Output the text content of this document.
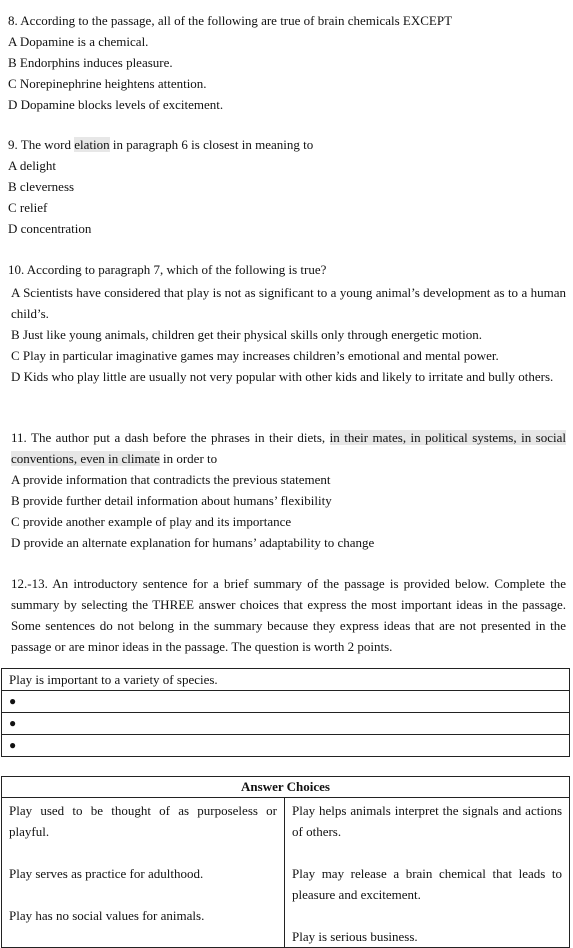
8. According to the passage, all of the following are true of brain chemicals EXCEPT
A Dopamine is a chemical.
B Endorphins induces pleasure.
C Norepinephrine heightens attention.
D Dopamine blocks levels of excitement.
9. The word elation in paragraph 6 is closest in meaning to
A delight
B cleverness
C relief
D concentration
10. According to paragraph 7, which of the following is true?
A Scientists have considered that play is not as significant to a young animal’s development as to a human child’s.
B Just like young animals, children get their physical skills only through energetic motion.
C Play in particular imaginative games may increases children’s emotional and mental power.
D Kids who play little are usually not very popular with other kids and likely to irritate and bully others.
11. The author put a dash before the phrases in their diets, in their mates, in political systems, in social conventions, even in climate in order to
A provide information that contradicts the previous statement
B provide further detail information about humans’ flexibility
C provide another example of play and its importance
D provide an alternate explanation for humans’ adaptability to change
12.-13. An introductory sentence for a brief summary of the passage is provided below. Complete the summary by selecting the THREE answer choices that express the most important ideas in the passage. Some sentences do not belong in the summary because they express ideas that are not presented in the passage or are minor ideas in the passage. The question is worth 2 points.
Play is important to a variety of species.
●
●
●
Answer Choices

Play used to be thought of as purposeless or playful.
Play serves as practice for adulthood.
Play has no social values for animals.

Play helps animals interpret the signals and actions of others.
Play may release a brain chemical that leads to pleasure and excitement.
Play is serious business.
